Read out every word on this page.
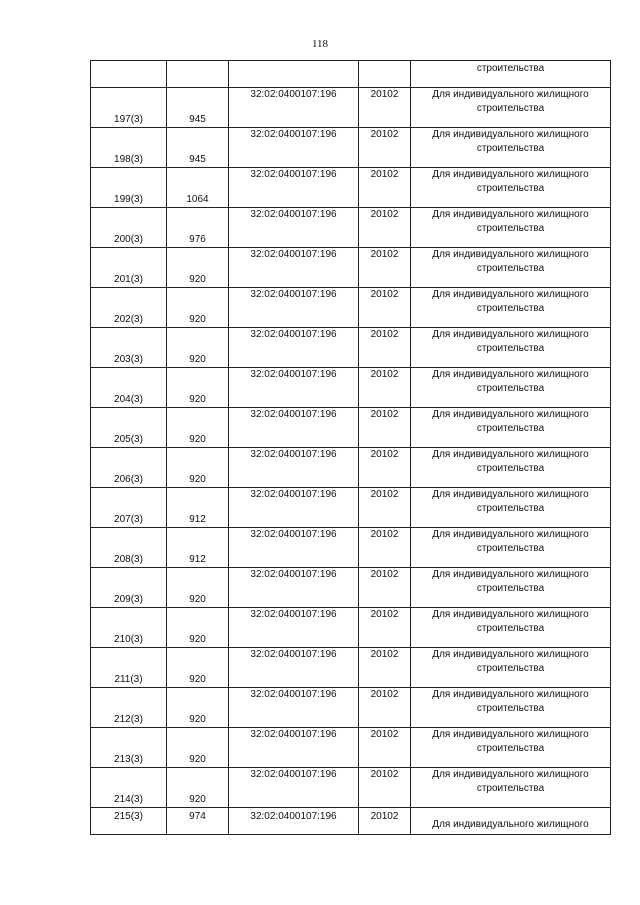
118
				строительства
197(3)	945	32:02:0400107:196	20102	Для индивидуального жилищного
строительства

198(3)	945	32:02:0400107:196	20102	Для индивидуального жилищного
строительства

199(3)	1064	32:02:0400107:196	20102	Для индивидуального жилищного
строительства

200(3)	976	32:02:0400107:196	20102	Для индивидуального жилищного
строительства

201(3)	920	32:02:0400107:196	20102	Для индивидуального жилищного
строительства

202(3)	920	32:02:0400107:196	20102	Для индивидуального жилищного
строительства

203(3)	920	32:02:0400107:196	20102	Для индивидуального жилищного
строительства

204(3)	920	32:02:0400107:196	20102	Для индивидуального жилищного
строительства

205(3)	920	32:02:0400107:196	20102	Для индивидуального жилищного
строительства

206(3)	920	32:02:0400107:196	20102	Для индивидуального жилищного
строительства

207(3)	912	32:02:0400107:196	20102	Для индивидуального жилищного
строительства

208(3)	912	32:02:0400107:196	20102	Для индивидуального жилищного
строительства

209(3)	920	32:02:0400107:196	20102	Для индивидуального жилищного
строительства

210(3)	920	32:02:0400107:196	20102	Для индивидуального жилищного
строительства

211(3)	920	32:02:0400107:196	20102	Для индивидуального жилищного
строительства

212(3)	920	32:02:0400107:196	20102	Для индивидуального жилищного
строительства

213(3)	920	32:02:0400107:196	20102	Для индивидуального жилищного
строительства

214(3)	920	32:02:0400107:196	20102	Для индивидуального жилищного
строительства

215(3)	974	32:02:0400107:196	20102	Для индивидуального жилищного
